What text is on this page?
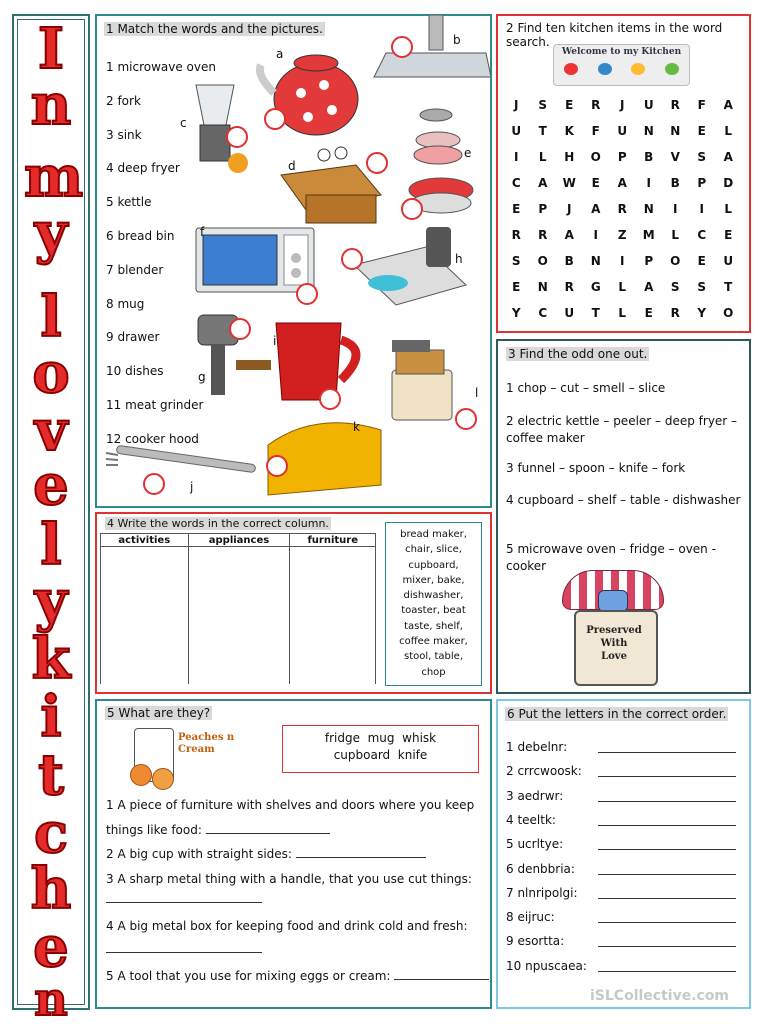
I
n
m
y
l
o
v
e
l
y
k
i
t
c
h
e
n
1 Match the words and the pictures.
1 microwave oven
2 fork
3 sink
4 deep fryer
5 kettle
6 bread bin
7 blender
8 mug
9 drawer
10 dishes
11 meat grinder
12 cooker hood
a
b
c
d
e
f
g
h
i
j
k
l
2 Find ten kitchen items in the word search.
Welcome to my Kitchen
J	S	E	R	J	U	R	F	A
U	T	K	F	U	N	N	E	L
I	L	H	O	P	B	V	S	A
C	A	W	E	A	I	B	P	D
E	P	J	A	R	N	I	I	L
R	R	A	I	Z	M	L	C	E
S	O	B	N	I	P	O	E	U
E	N	R	G	L	A	S	S	T
Y	C	U	T	L	E	R	Y	O
3 Find the odd one out.
1 chop – cut – smell – slice
2 electric kettle – peeler – deep fryer – coffee maker
3 funnel – spoon – knife – fork
4 cupboard – shelf – table - dishwasher
5 microwave oven – fridge – oven - cooker
Preserved
With
Love
4 Write the words in the correct column.
activities	appliances	furniture
			bread maker,
chair, slice,
cupboard,
mixer, bake,
dishwasher,
toaster, beat
taste, shelf,
coffee maker,
stool, table,
chop
5 What are they?
Peaches n Cream
fridge  mug  whisk
cupboard  knife
1 A piece of furniture with shelves and doors where you keep
things like food:
2 A big cup with straight sides:
3 A sharp metal thing with a handle, that you use cut things:
4 A big metal box for keeping food and drink cold and fresh:
5 A tool that you use for mixing eggs or cream:
6 Put the letters in the correct order.
1 debelnr:
2 crrcwoosk:
3 aedrwr:
4 teeltk:
5 ucrltye:
6 denbbria:
7 nlnripolgi:
8 eijruc:
9 esortta:
10 npuscaea:
iSLCollective.com
